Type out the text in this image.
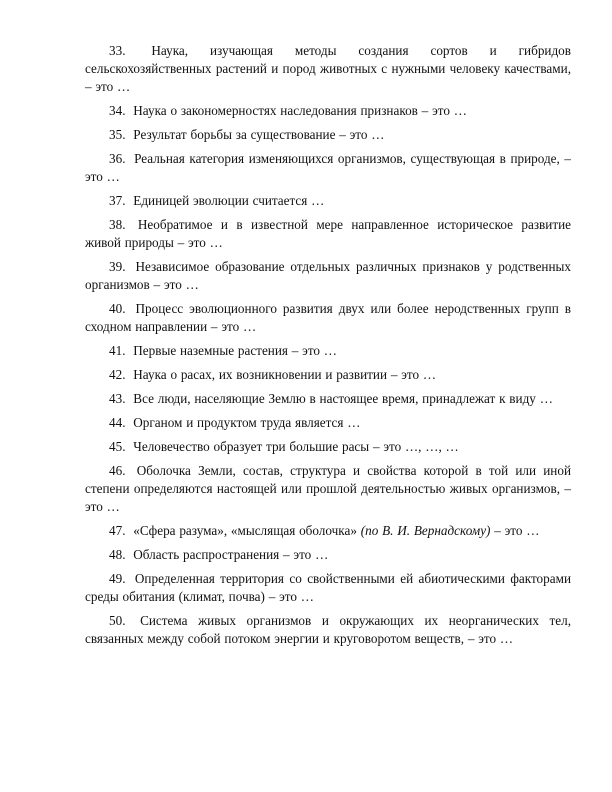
33. Наука, изучающая методы создания сортов и гибридов сельскохозяйственных растений и пород животных с нужными человеку качествами, – это …

34. Наука о закономерностях наследования признаков – это …

35. Результат борьбы за существование – это …

36. Реальная категория изменяющихся организмов, существующая в природе, – это …

37. Единицей эволюции считается …

38. Необратимое и в известной мере направленное историческое развитие живой природы – это …

39. Независимое образование отдельных различных признаков у родственных организмов – это …

40. Процесс эволюционного развития двух или более неродственных групп в сходном направлении – это …

41. Первые наземные растения – это …

42. Наука о расах, их возникновении и развитии – это …

43. Все люди, населяющие Землю в настоящее время, принадлежат к виду …

44. Органом и продуктом труда является …

45. Человечество образует три большие расы – это …, …, …

46. Оболочка Земли, состав, структура и свойства которой в той или иной степени определяются настоящей или прошлой деятельностью живых организмов, – это …

47. «Сфера разума», «мыслящая оболочка» (по В. И. Вернадскому) – это …

48. Область распространения – это …

49. Определенная территория со свойственными ей абиотическими факторами среды обитания (климат, почва) – это …

50. Система живых организмов и окружающих их неорганических тел, связанных между собой потоком энергии и круговоротом веществ, – это …
